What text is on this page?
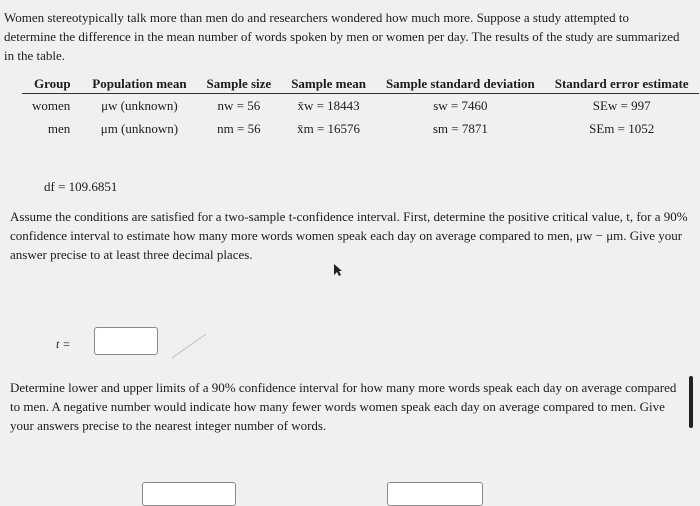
Women stereotypically talk more than men do and researchers wondered how much more. Suppose a study attempted to determine the difference in the mean number of words spoken by men or women per day. The results of the study are summarized in the table.
Group	Population mean	Sample size	Sample mean	Sample standard deviation	Standard error estimate
women	μw (unknown)	nw = 56	x̄w = 18443	sw = 7460	SEw = 997
men	μm (unknown)	nm = 56	x̄m = 16576	sm = 7871	SEm = 1052
df = 109.6851
Assume the conditions are satisfied for a two-sample t-confidence interval. First, determine the positive critical value, t, for a 90% confidence interval to estimate how many more words women speak each day on average compared to men, μw − μm. Give your answer precise to at least three decimal places.
t =
Determine lower and upper limits of a 90% confidence interval for how many more words speak each day on average compared to men. A negative number would indicate how many fewer words women speak each day on average compared to men. Give your answers precise to the nearest integer number of words.
